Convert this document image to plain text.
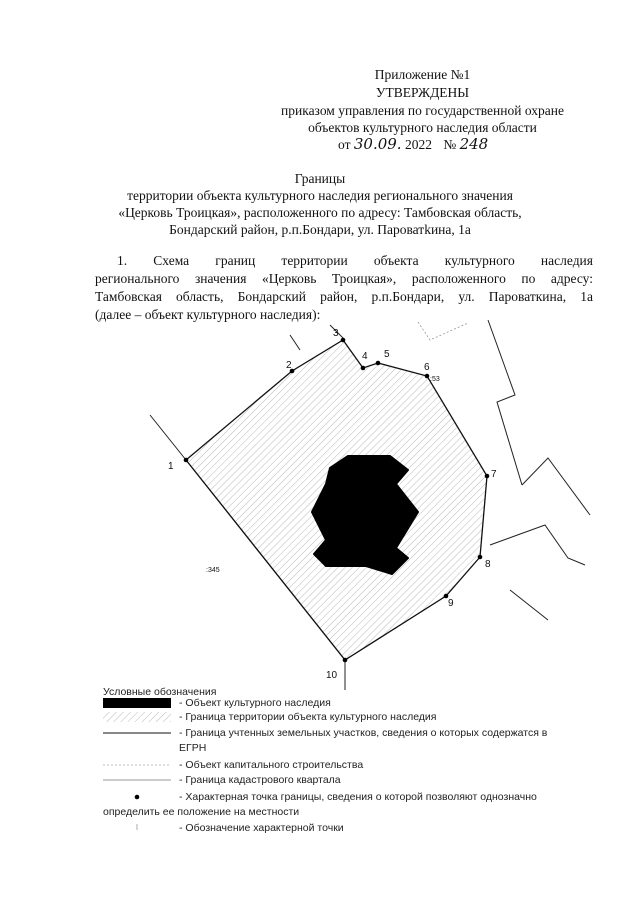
Приложение №1
УТВЕРЖДЕНЫ
приказом управления по государственной охране
объектов культурного наследия области
от 30.09. 2022 № 248
Границы
территории объекта культурного наследия регионального значения
«Церковь Троицкая», расположенного по адресу: Тамбовская область,
Бондарский район, р.п.Бондари, ул. Пароватkина, 1а
1. Схема границ территории объекта культурного наследия
регионального значения «Церковь Троицкая», расположенного по адресу:
Тамбовская область, Бондарский район, р.п.Бондари, ул. Пароваткина, 1а
(далее – объект культурного наследия):
1
2
3
4 5
6
7
8
9
10
:53
:345
Условные обозначения
- Объект культурного наследия
- Граница территории объекта культурного наследия
- Граница учтенных земельных участков, сведения о которых содержатся в
ЕГРН
- Объект капитального строительства
- Граница кадастрового квартала
- Характерная точка границы, сведения о которой позволяют однозначно
определить ее положение на местности
- Обозначение характерной точки
